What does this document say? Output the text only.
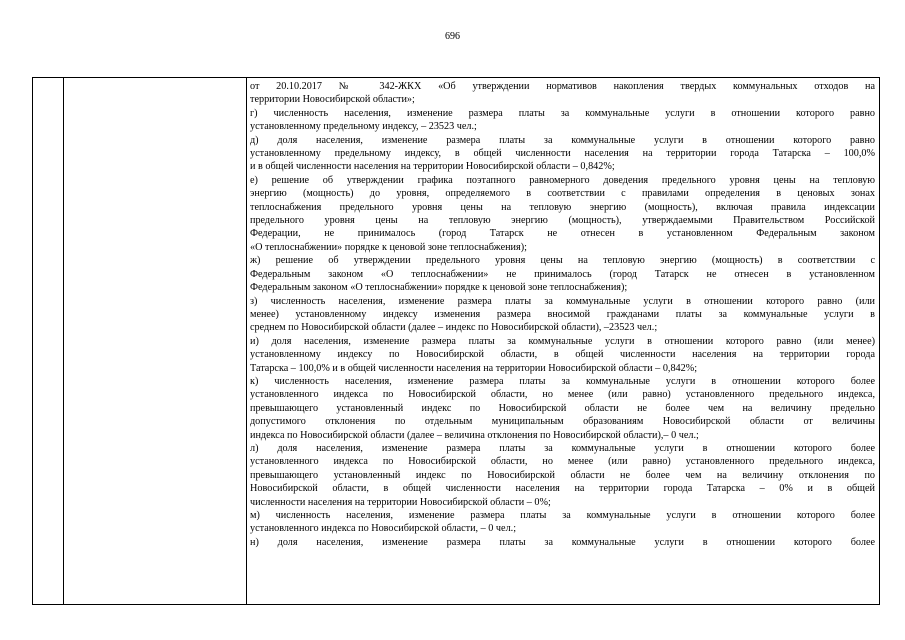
696

от 20.10.2017 № 342-ЖКХ «Об утверждении нормативов накопления твердых коммунальных отходов на
территории Новосибирской области»;
г) численность населения, изменение размера платы за коммунальные услуги в отношении которого равно
установленному предельному индексу, – 23523 чел.;
д) доля населения, изменение размера платы за коммунальные услуги в отношении которого равно
установленному предельному индексу, в общей численности населения на территории города Татарска – 100,0%
и в общей численности населения на территории Новосибирской области – 0,842%;
е) решение об утверждении графика поэтапного равномерного доведения предельного уровня цены на тепловую
энергию (мощность) до уровня, определяемого в соответствии с правилами определения в ценовых зонах
теплоснабжения предельного уровня цены на тепловую энергию (мощность), включая правила индексации
предельного уровня цены на тепловую энергию (мощность), утверждаемыми Правительством Российской
Федерации, не принималось (город Татарск не отнесен в установленном Федеральным законом
«О теплоснабжении» порядке к ценовой зоне теплоснабжения);
ж) решение об утверждении предельного уровня цены на тепловую энергию (мощность) в соответствии с
Федеральным законом «О теплоснабжении» не принималось (город Татарск не отнесен в установленном
Федеральным законом «О теплоснабжении» порядке к ценовой зоне теплоснабжения);
з) численность населения, изменение размера платы за коммунальные услуги в отношении которого равно (или
менее) установленному индексу изменения размера вносимой гражданами платы за коммунальные услуги в
среднем по Новосибирской области (далее – индекс по Новосибирской области), –23523 чел.;
и) доля населения, изменение размера платы за коммунальные услуги в отношении которого равно (или менее)
установленному индексу по Новосибирской области, в общей численности населения на территории города
Татарска – 100,0% и в общей численности населения на территории Новосибирской области – 0,842%;
к) численность населения, изменение размера платы за коммунальные услуги в отношении которого более
установленного индекса по Новосибирской области, но менее (или равно) установленного предельного индекса,
превышающего установленный индекс по Новосибирской области не более чем на величину предельно
допустимого отклонения по отдельным муниципальным образованиям Новосибирской области от величины
индекса по Новосибирской области (далее – величина отклонения по Новосибирской области),– 0 чел.;
л) доля населения, изменение размера платы за коммунальные услуги в отношении которого более
установленного индекса по Новосибирской области, но менее (или равно) установленного предельного индекса,
превышающего установленный индекс по Новосибирской области не более чем на величину отклонения по
Новосибирской области, в общей численности населения на территории города Татарска – 0% и в общей
численности населения на территории Новосибирской области – 0%;
м) численность населения, изменение размера платы за коммунальные услуги в отношении которого более
установленного индекса по Новосибирской области, – 0 чел.;
н) доля населения, изменение размера платы за коммунальные услуги в отношении которого более
